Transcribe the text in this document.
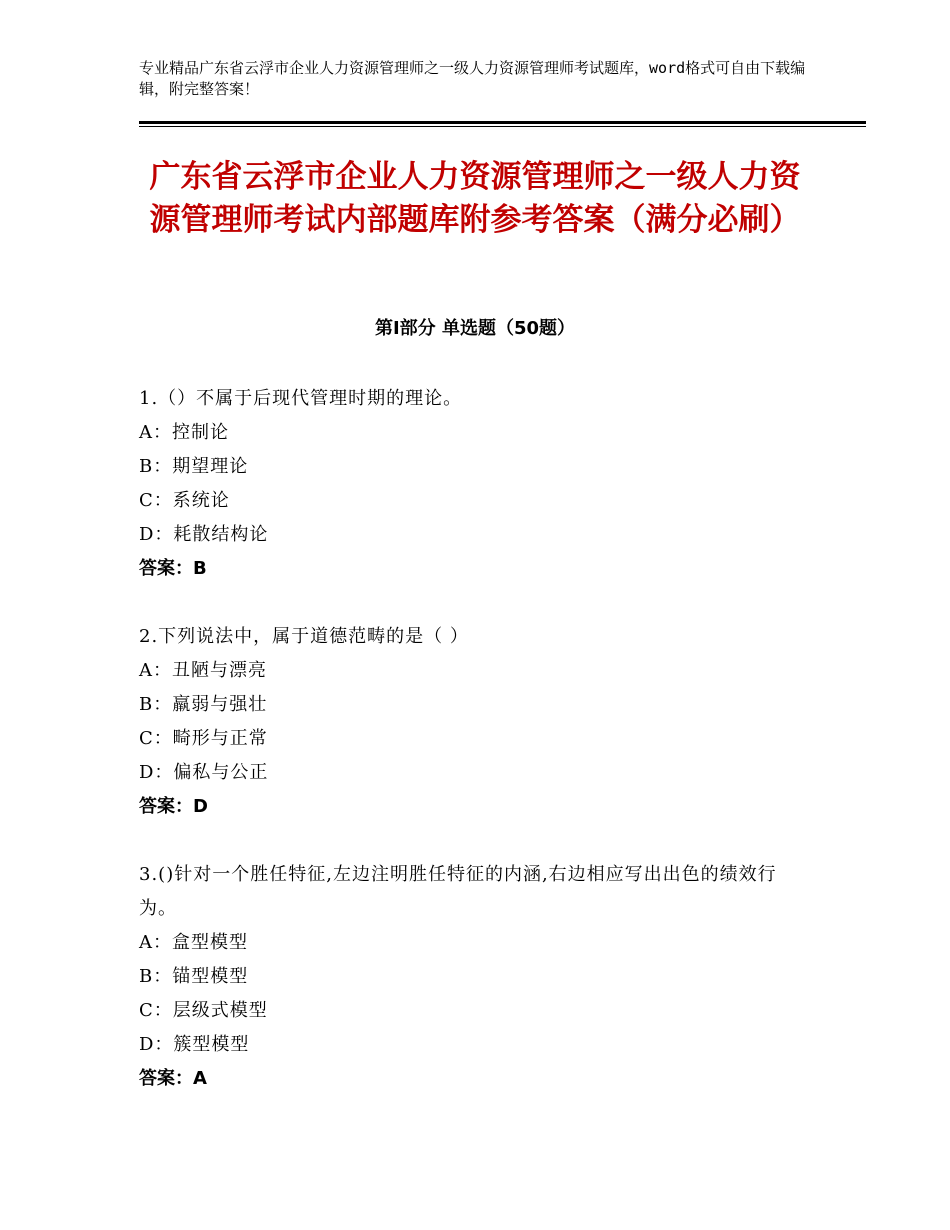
专业精品广东省云浮市企业人力资源管理师之一级人力资源管理师考试题库，word格式可自由下载编辑，附完整答案！
广东省云浮市企业人力资源管理师之一级人力资源管理师考试内部题库附参考答案（满分必刷）
第Ⅰ部分 单选题（50题）
1.（）不属于后现代管理时期的理论。
A：控制论
B：期望理论
C：系统论
D：耗散结构论
答案：B
2.下列说法中，属于道德范畴的是（ ）
A：丑陋与漂亮
B：羸弱与强壮
C：畸形与正常
D：偏私与公正
答案：D
3.()针对一个胜任特征,左边注明胜任特征的内涵,右边相应写出出色的绩效行为。
A：盒型模型
B：锚型模型
C：层级式模型
D：簇型模型
答案：A
